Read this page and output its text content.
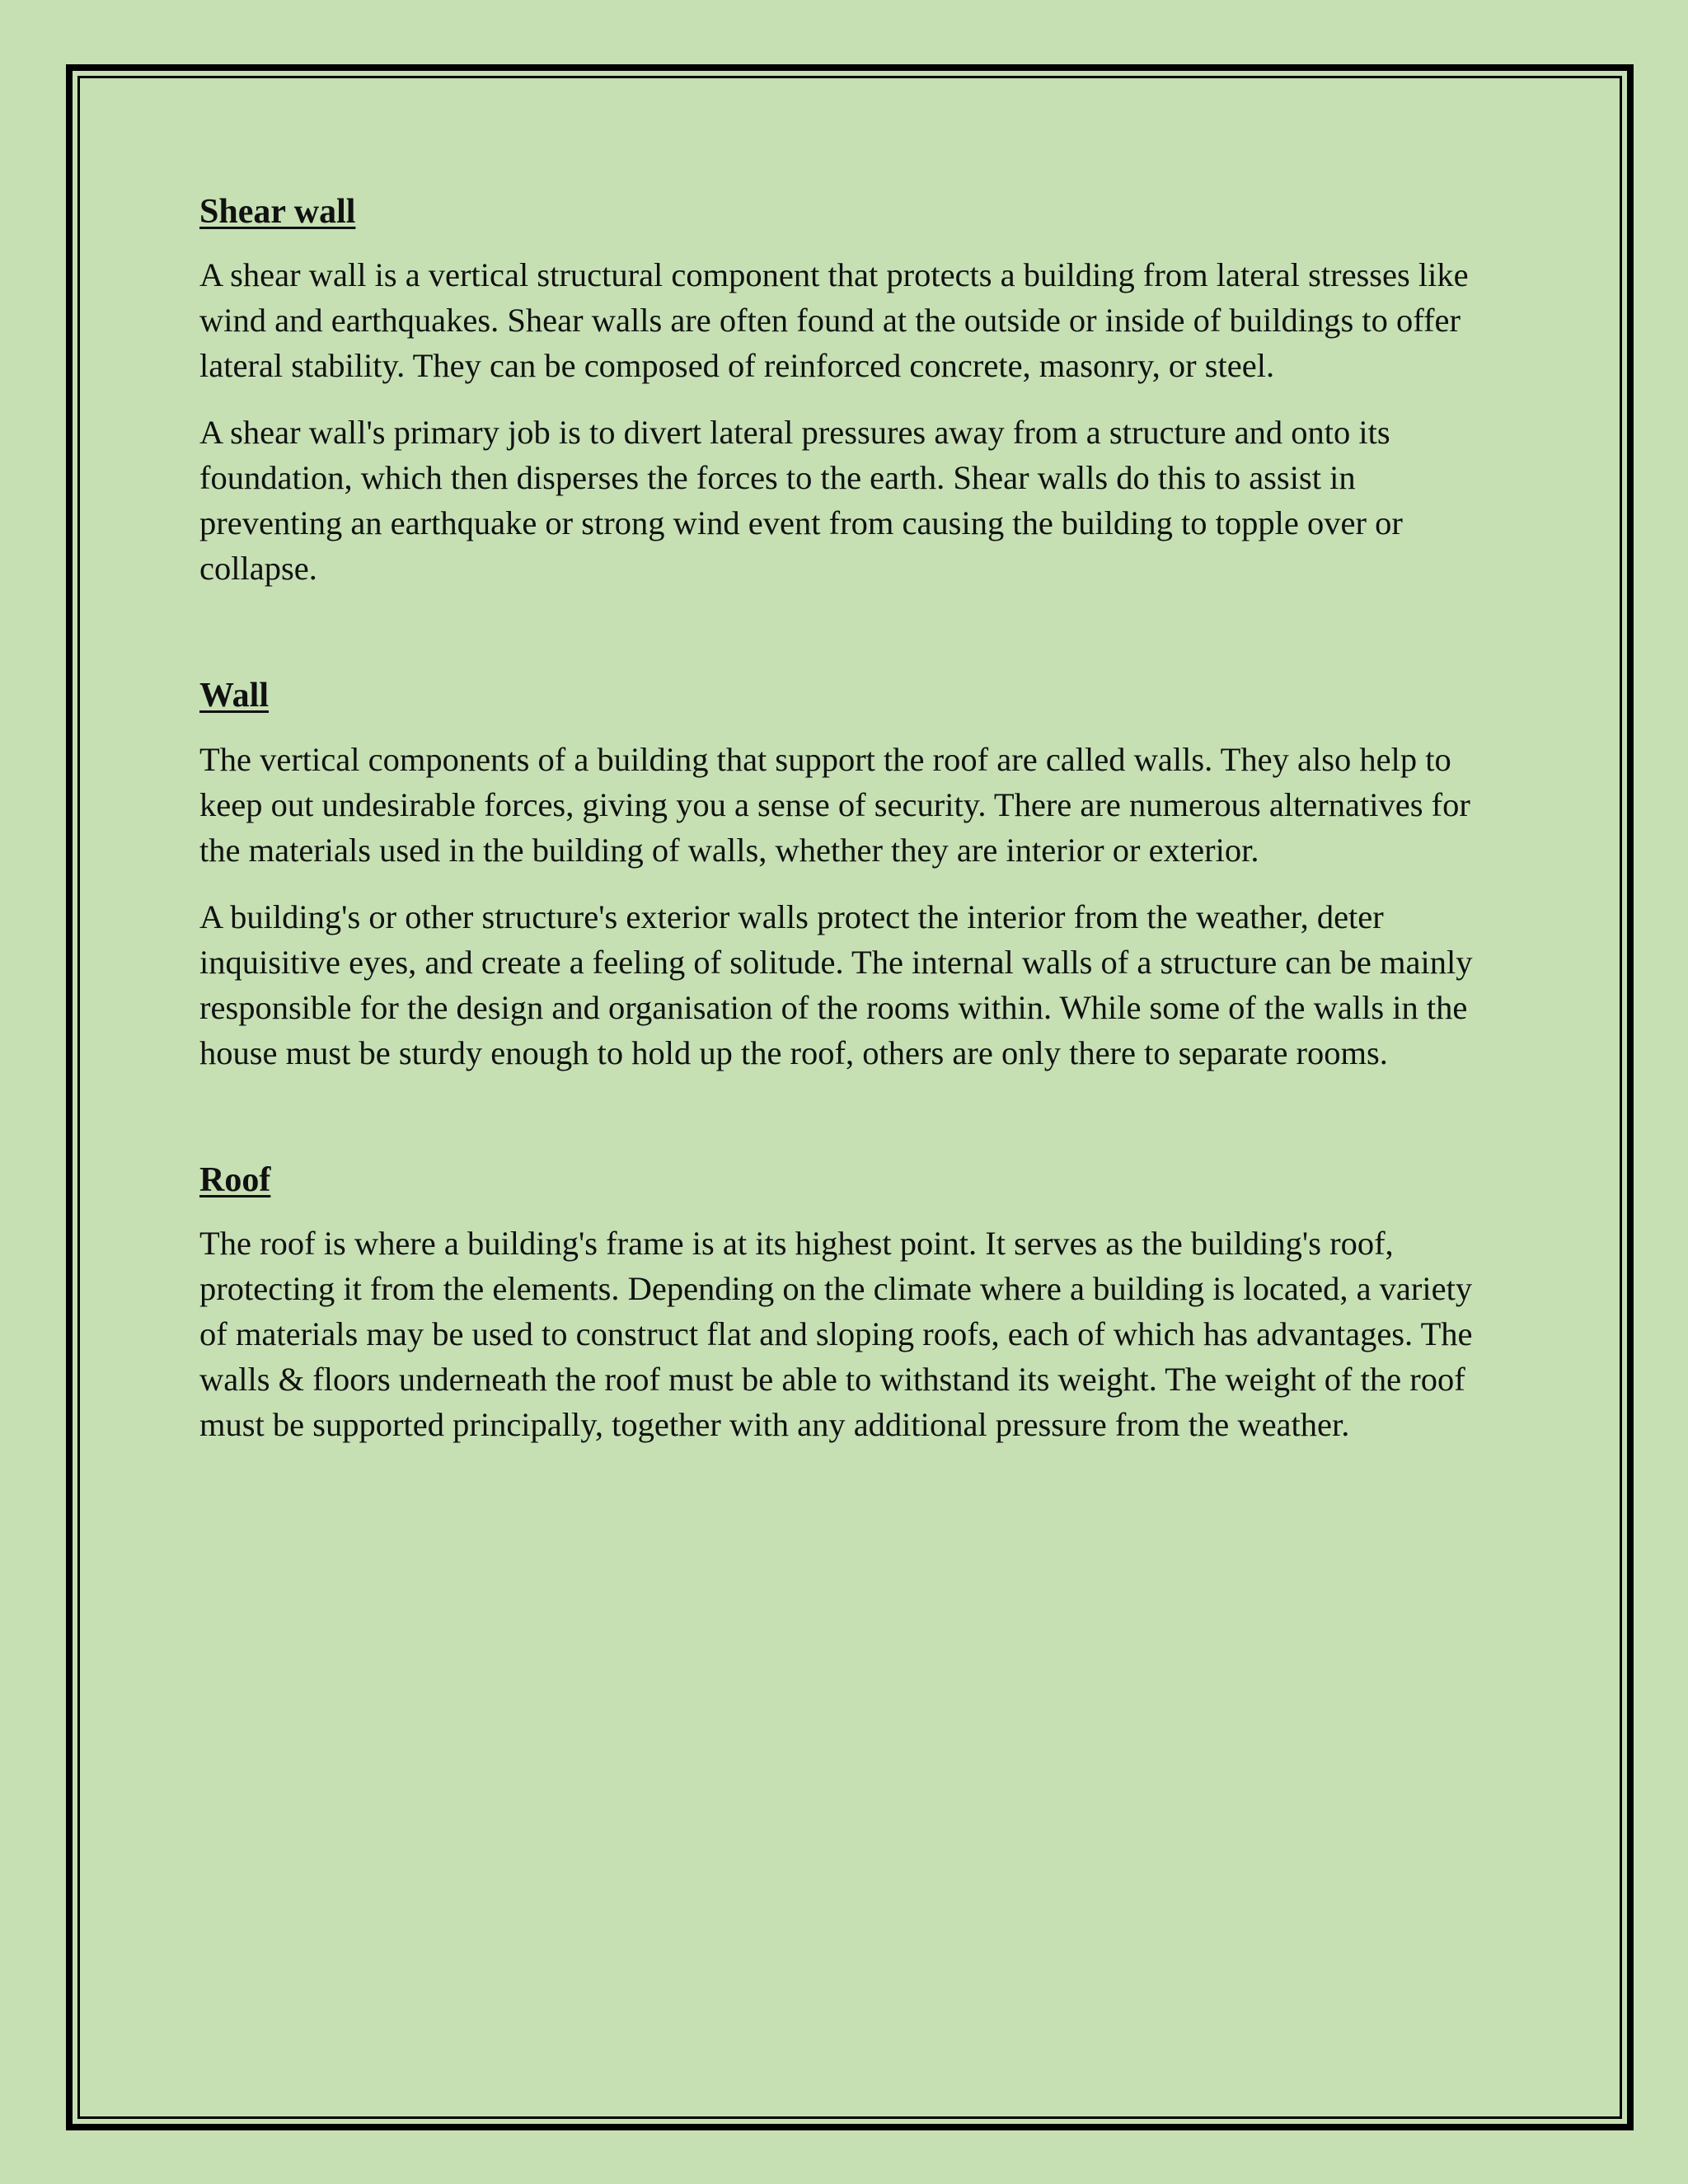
Shear wall

A shear wall is a vertical structural component that protects a building from lateral stresses like wind and earthquakes. Shear walls are often found at the outside or inside of buildings to offer lateral stability. They can be composed of reinforced concrete, masonry, or steel.

A shear wall's primary job is to divert lateral pressures away from a structure and onto its foundation, which then disperses the forces to the earth. Shear walls do this to assist in preventing an earthquake or strong wind event from causing the building to topple over or collapse.

Wall

The vertical components of a building that support the roof are called walls. They also help to keep out undesirable forces, giving you a sense of security. There are numerous alternatives for the materials used in the building of walls, whether they are interior or exterior.

A building's or other structure's exterior walls protect the interior from the weather, deter inquisitive eyes, and create a feeling of solitude. The internal walls of a structure can be mainly responsible for the design and organisation of the rooms within. While some of the walls in the house must be sturdy enough to hold up the roof, others are only there to separate rooms.

Roof

The roof is where a building's frame is at its highest point. It serves as the building's roof, protecting it from the elements. Depending on the climate where a building is located, a variety of materials may be used to construct flat and sloping roofs, each of which has advantages. The walls & floors underneath the roof must be able to withstand its weight. The weight of the roof must be supported principally, together with any additional pressure from the weather.
